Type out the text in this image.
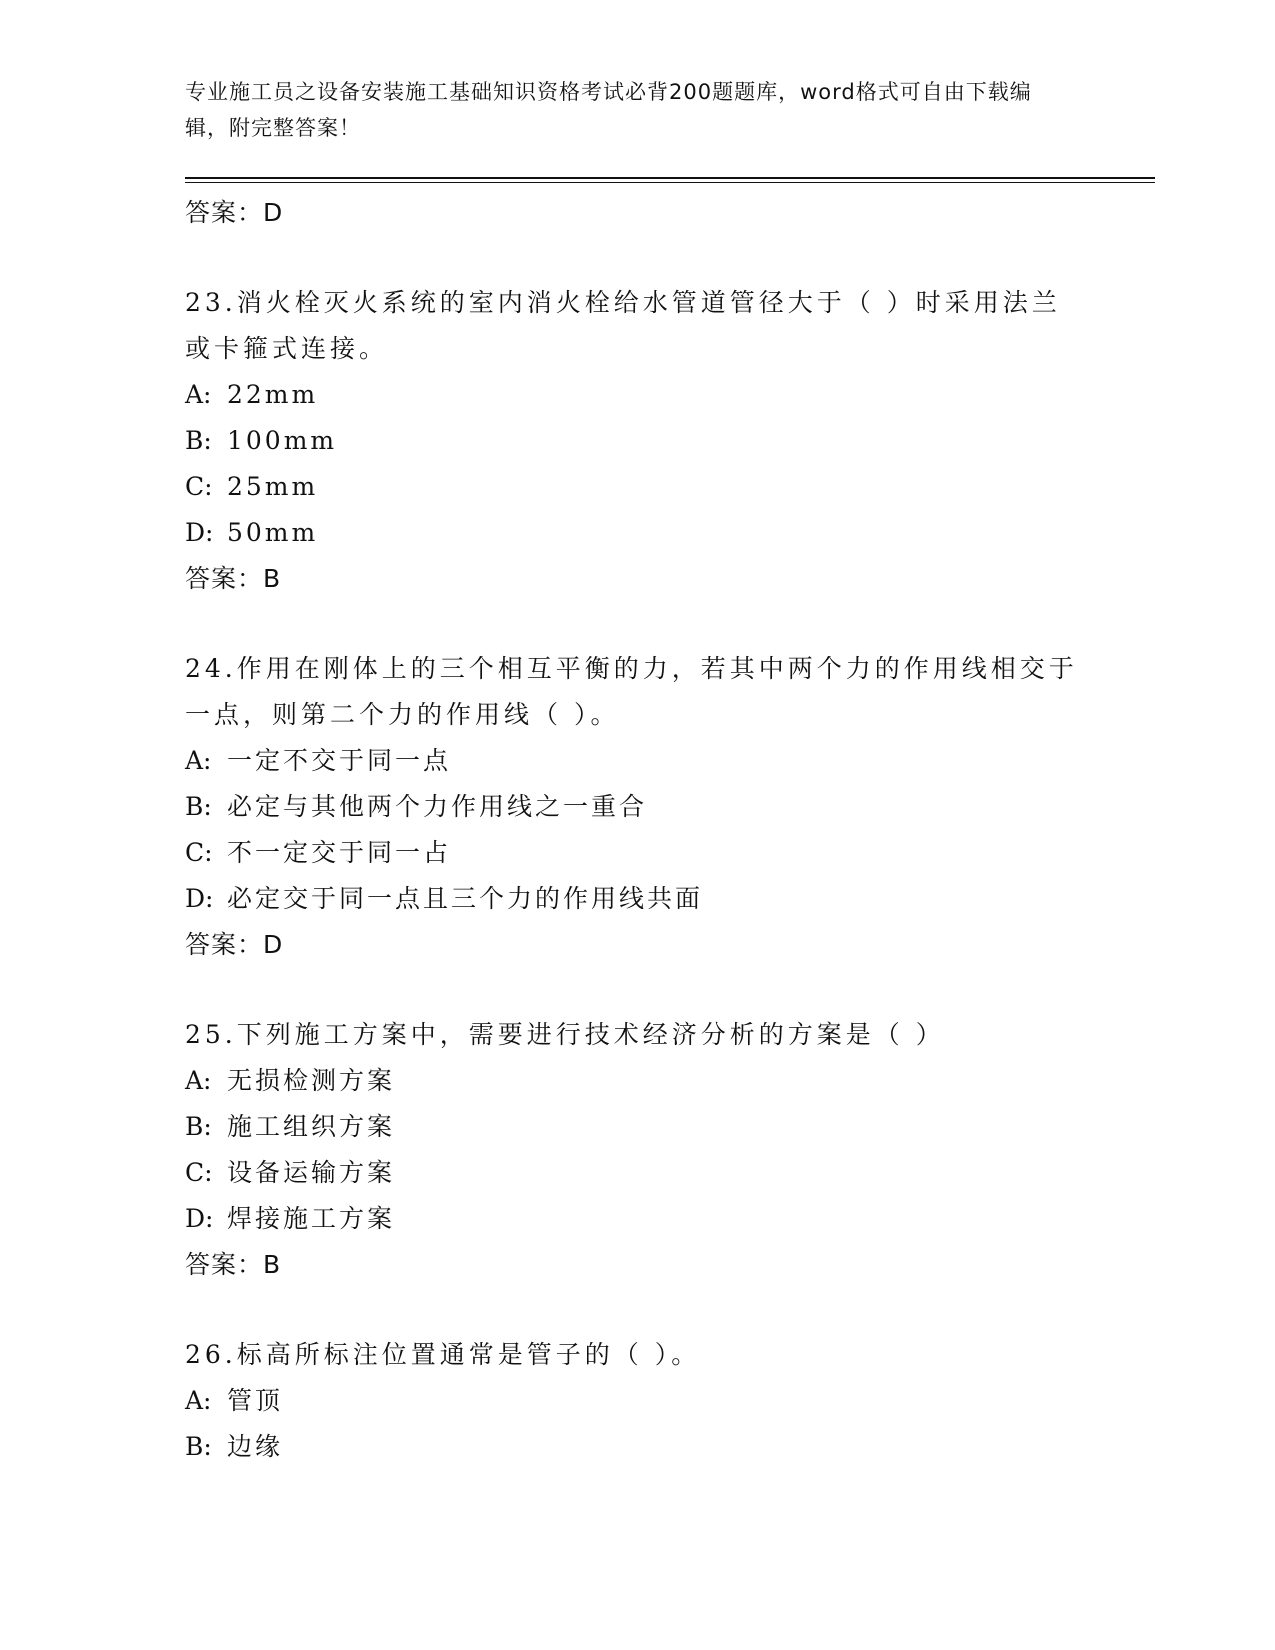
专业施工员之设备安装施工基础知识资格考试必背200题题库，word格式可自由下载编辑，附完整答案！
答案：D
23.消火栓灭火系统的室内消火栓给水管道管径大于（ ）时采用法兰或卡箍式连接。
A: 22mm
B: 100mm
C: 25mm
D: 50mm
答案：B
24.作用在刚体上的三个相互平衡的力，若其中两个力的作用线相交于一点，则第二个力的作用线（ ）。
A: 一定不交于同一点
B: 必定与其他两个力作用线之一重合
C: 不一定交于同一占
D: 必定交于同一点且三个力的作用线共面
答案：D
25.下列施工方案中，需要进行技术经济分析的方案是（ ）
A: 无损检测方案
B: 施工组织方案
C: 设备运输方案
D: 焊接施工方案
答案：B
26.标高所标注位置通常是管子的（ ）。
A: 管顶
B: 边缘
